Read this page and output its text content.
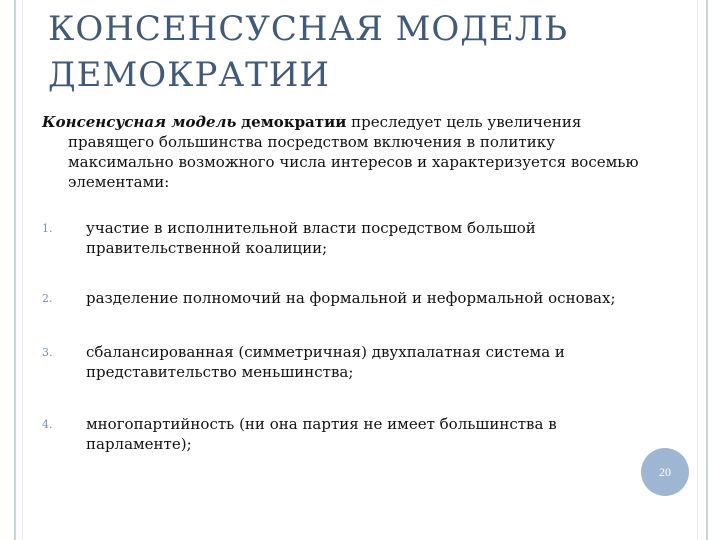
КОНСЕНСУСНАЯ МОДЕЛЬ
ДЕМОКРАТИИ
Консенсусная модель демократии преследует цель увеличения
правящего большинства посредством включения в политику
максимально возможного числа интересов и характеризуется восемью
элементами:
1.	участие в исполнительной власти посредством большой
правительственной коалиции;
2.	разделение полномочий на формальной и неформальной основах;
3.	сбалансированная (симметричная) двухпалатная система и
представительство меньшинства;
4.	многопартийность (ни она партия не имеет большинства в
парламенте);
20
